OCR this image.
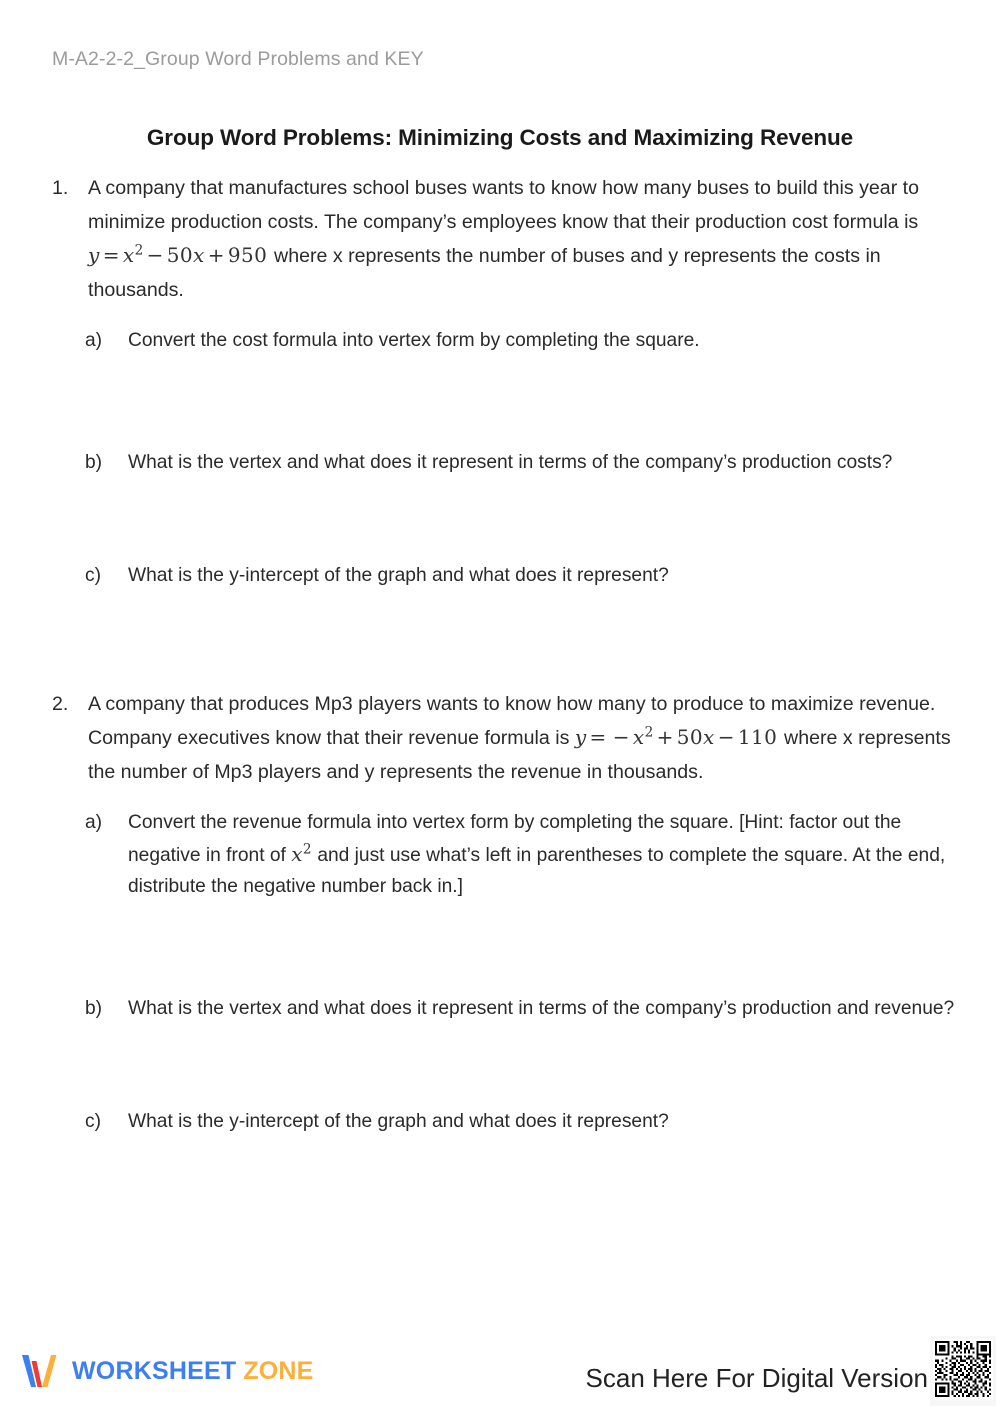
M-A2-2-2_Group Word Problems and KEY
Group Word Problems: Minimizing Costs and Maximizing Revenue
1. A company that manufactures school buses wants to know how many buses to build this year to minimize production costs. The company’s employees know that their production cost formula is $y = x^2 - 50x + 950$ where x represents the number of buses and y represents the costs in thousands.
a) Convert the cost formula into vertex form by completing the square.
b) What is the vertex and what does it represent in terms of the company’s production costs?
c) What is the y-intercept of the graph and what does it represent?
2. A company that produces Mp3 players wants to know how many to produce to maximize revenue. Company executives know that their revenue formula is y = − $x^2 + 50x - 110$ where x represents the number of Mp3 players and y represents the revenue in thousands.
a) Convert the revenue formula into vertex form by completing the square. [Hint: factor out the negative in front of $x^2$ and just use what’s left in parentheses to complete the square. At the end, distribute the negative number back in.]
b) What is the vertex and what does it represent in terms of the company’s production and revenue?
c) What is the y-intercept of the graph and what does it represent?
WORKSHEET ZONE	Scan Here For Digital Version
